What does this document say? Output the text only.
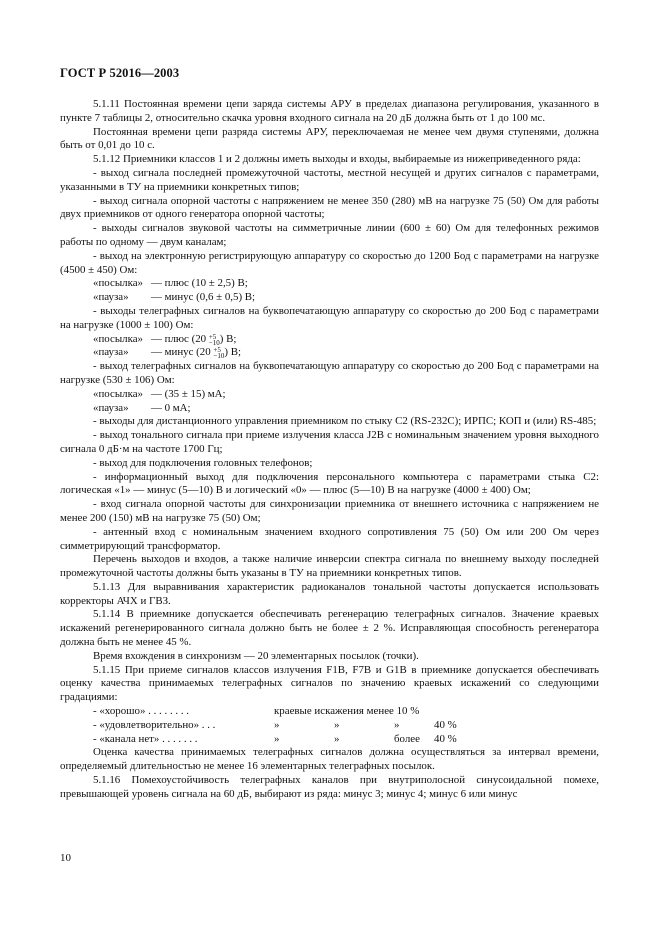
ГОСТ Р 52016—2003

5.1.11 Постоянная времени цепи заряда системы АРУ в пределах диапазона регулирования, указанного в пункте 7 таблицы 2, относительно скачка уровня входного сигнала на 20 дБ должна быть от 1 до 100 мс.

Постоянная времени цепи разряда системы АРУ, переключаемая не менее чем двумя ступенями, должна быть от 0,01 до 10 с.

5.1.12 Приемники классов 1 и 2 должны иметь выходы и входы, выбираемые из нижеприведенного ряда:

- выход сигнала последней промежуточной частоты, местной несущей и других сигналов с параметрами, указанными в ТУ на приемники конкретных типов;

- выход сигнала опорной частоты с напряжением не менее 350 (280) мВ на нагрузке 75 (50) Ом для работы двух приемников от одного генератора опорной частоты;

- выходы сигналов звуковой частоты на симметричные линии (600 ± 60) Ом для телефонных режимов работы по одному — двум каналам;

- выход на электронную регистрирующую аппаратуру со скоростью до 1200 Бод с параметрами на нагрузке (4500 ± 450) Ом:

«посылка» — плюс (10 ± 2,5) В;

«пауза» — минус (0,6 ± 0,5) В;

- выходы телеграфных сигналов на буквопечатающую аппаратуру со скоростью до 200 Бод с параметрами на нагрузке (1000 ± 100) Ом:

«посылка» — плюс (20 +5
−10 ) В;

«пауза» — минус (20 +5
−10 ) В;

- выход телеграфных сигналов на буквопечатающую аппаратуру со скоростью до 200 Бод с параметрами на нагрузке (530 ± 106) Ом:

«посылка» — (35 ± 15) мА;

«пауза» — 0 мА;

- выходы для дистанционного управления приемником по стыку С2 (RS-232С); ИРПС; КОП и (или) RS-485;

- выход тонального сигнала при приеме излучения класса J2B с номинальным значением уровня выходного сигнала 0 дБ·м на частоте 1700 Гц;

- выход для подключения головных телефонов;

- информационный выход для подключения персонального компьютера с параметрами стыка С2: логическая «1» — минус (5—10) В и логический «0» — плюс (5—10) В на нагрузке (4000 ± 400) Ом;

- вход сигнала опорной частоты для синхронизации приемника от внешнего источника с напряжением не менее 200 (150) мВ на нагрузке 75 (50) Ом;

- антенный вход с номинальным значением входного сопротивления 75 (50) Ом или 200 Ом через симметрирующий трансформатор.

Перечень выходов и входов, а также наличие инверсии спектра сигнала по внешнему выходу последней промежуточной частоты должны быть указаны в ТУ на приемники конкретных типов.

5.1.13 Для выравнивания характеристик радиоканалов тональной частоты допускается использовать корректоры АЧХ и ГВЗ.

5.1.14 В приемнике допускается обеспечивать регенерацию телеграфных сигналов. Значение краевых искажений регенерированного сигнала должно быть не более ± 2 %. Исправляющая способность регенератора должна быть не менее 45 %.

Время вхождения в синхронизм — 20 элементарных посылок (точки).

5.1.15 При приеме сигналов классов излучения F1B, F7B и G1B в приемнике допускается обеспечивать оценку качества принимаемых телеграфных сигналов по значению краевых искажений со следующими градациями:

- «хорошо» . . . . . . . .	краевые искажения менее 10 %

- «удовлетворительно» . . .	»	»	»	40 %

- «канала нет» . . . . . . .	»	»	более	40 %

Оценка качества принимаемых телеграфных сигналов должна осуществляться за интервал времени, определяемый длительностью не менее 16 элементарных телеграфных посылок.

5.1.16 Помехоустойчивость телеграфных каналов при внутриполосной синусоидальной помехе, превышающей уровень сигнала на 60 дБ, выбирают из ряда: минус 3; минус 4; минус 6 или минус

10
